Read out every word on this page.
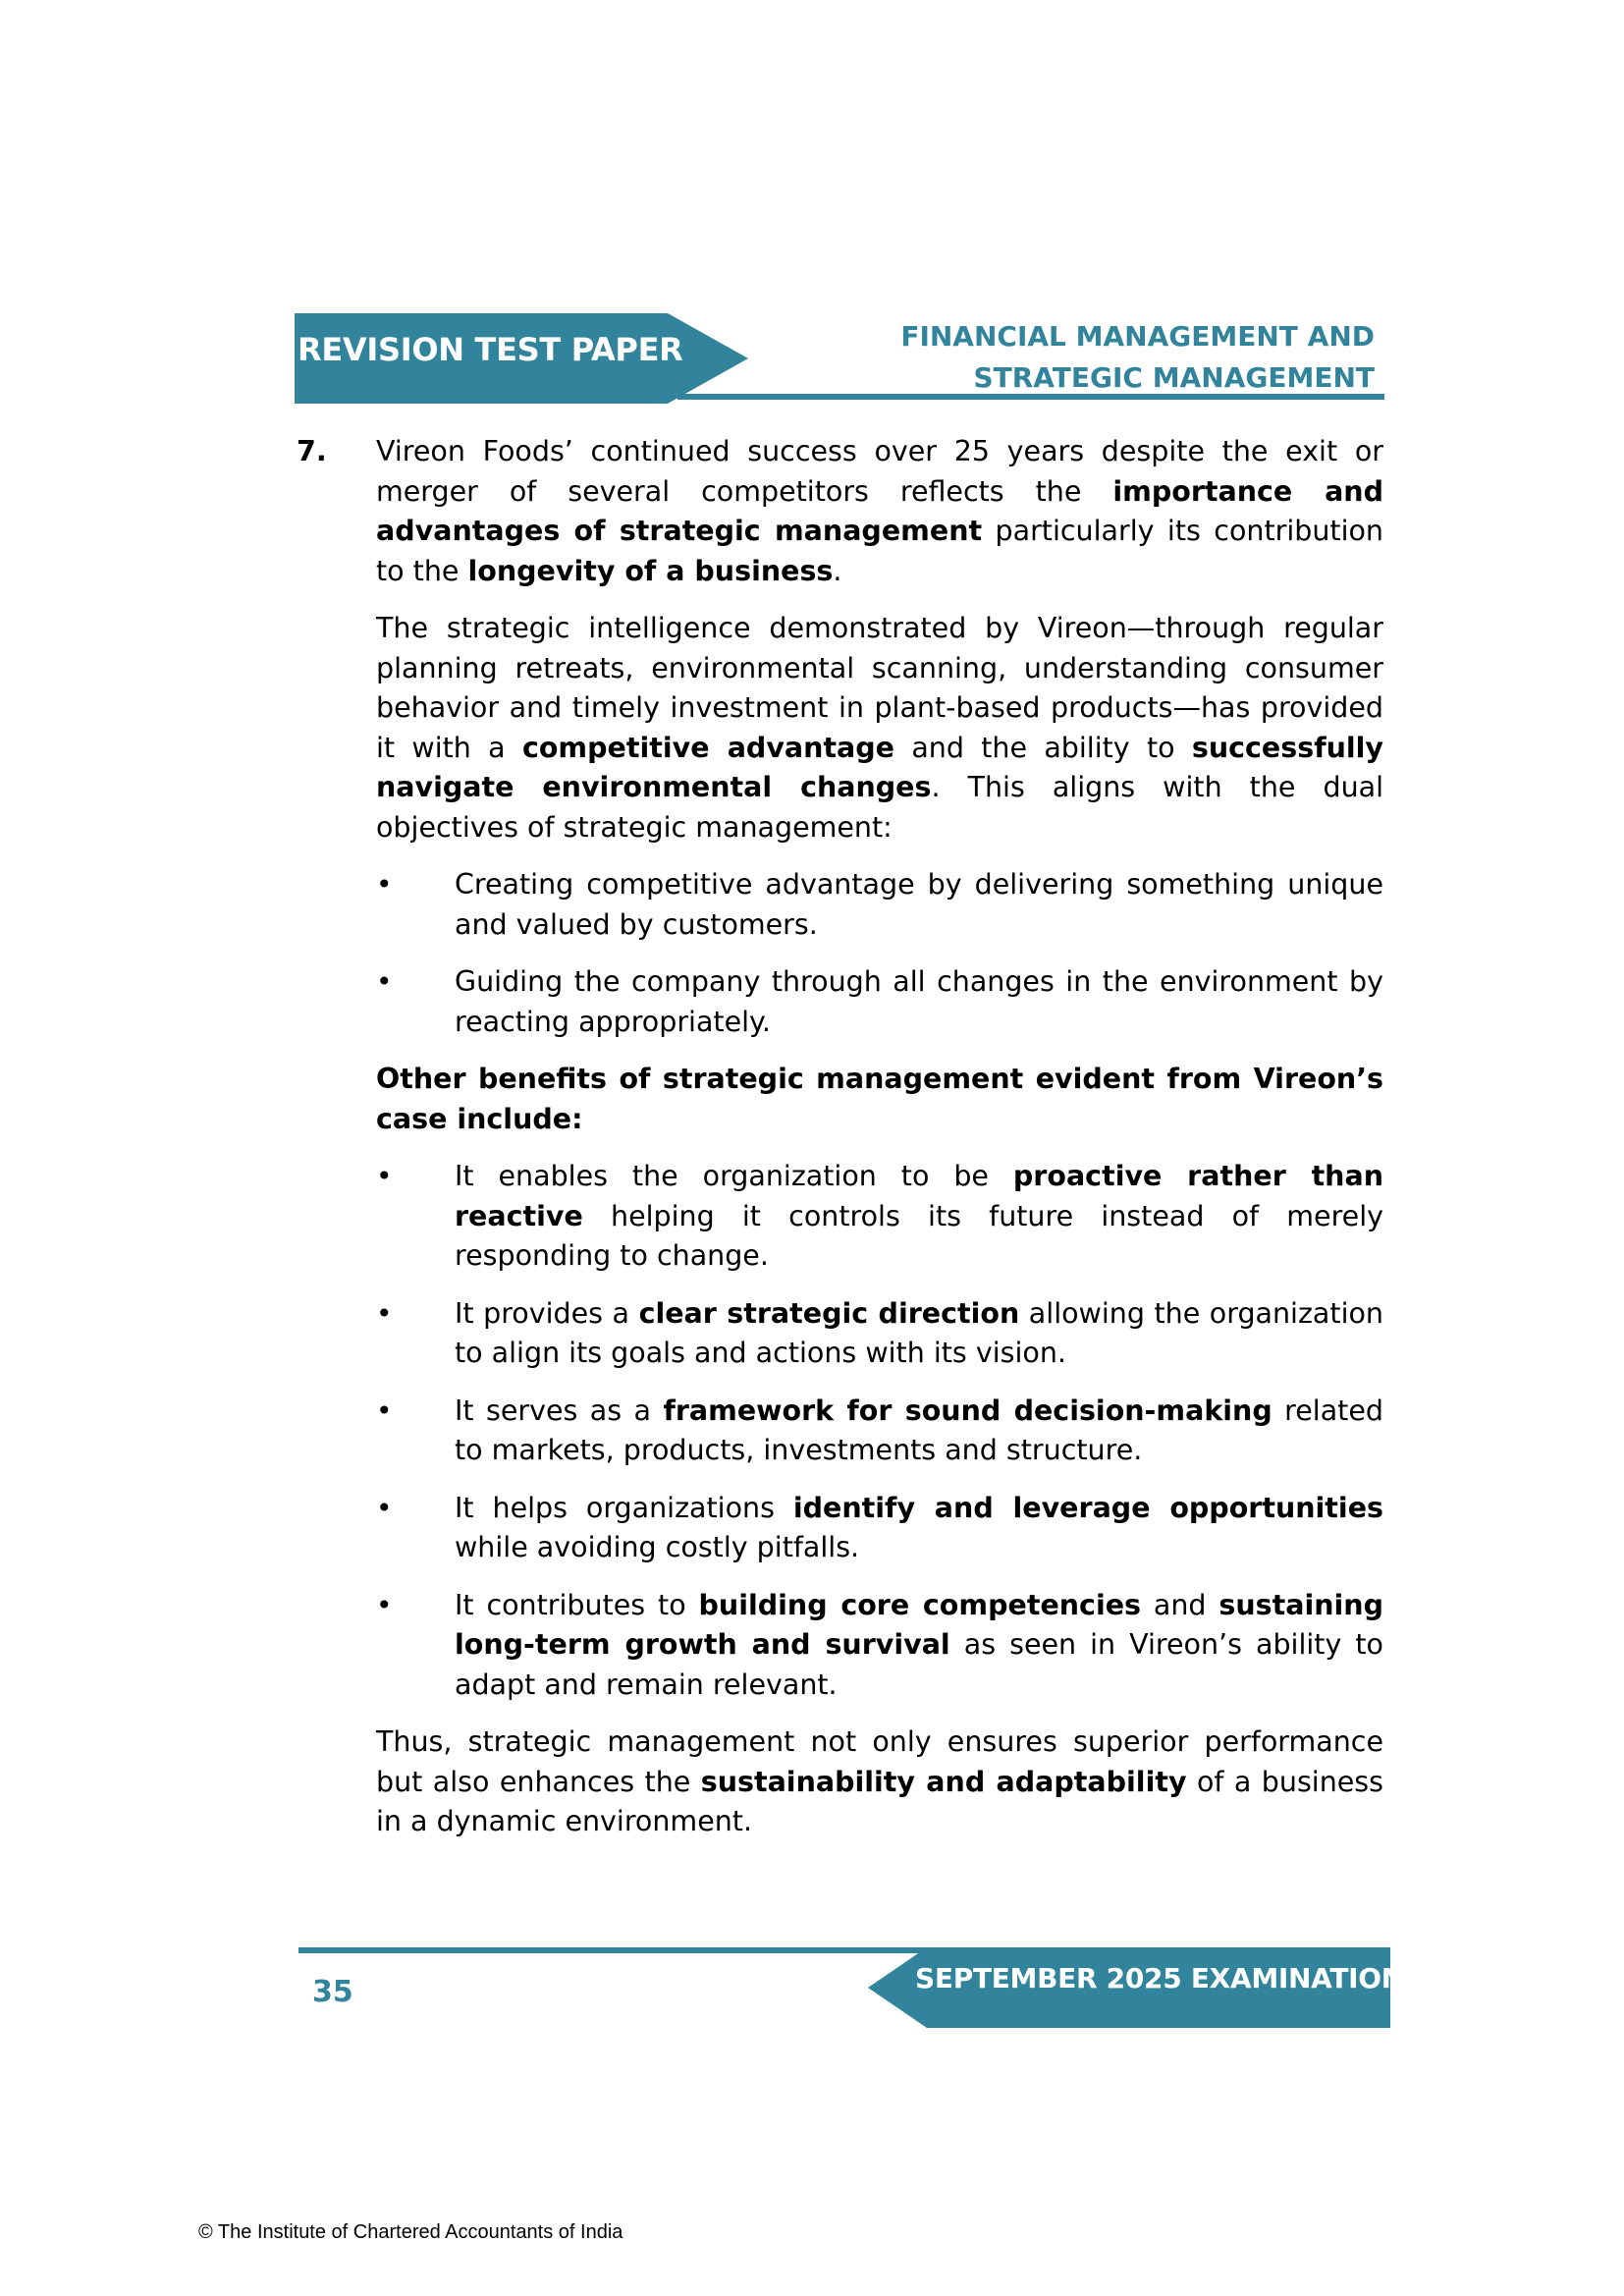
REVISION TEST PAPER	FINANCIAL MANAGEMENT AND
STRATEGIC MANAGEMENT
7. Vireon Foods’ continued success over 25 years despite the exit or merger of several competitors reflects the importance and advantages of strategic management particularly its contribution to the longevity of a business.

The strategic intelligence demonstrated by Vireon—through regular planning retreats, environmental scanning, understanding consumer behavior and timely investment in plant-based products—has provided it with a competitive advantage and the ability to successfully navigate environmental changes. This aligns with the dual objectives of strategic management:

• Creating competitive advantage by delivering something unique and valued by customers.
• Guiding the company through all changes in the environment by reacting appropriately.

Other benefits of strategic management evident from Vireon’s case include:

• It enables the organization to be proactive rather than reactive helping it controls its future instead of merely responding to change.
• It provides a clear strategic direction allowing the organization to align its goals and actions with its vision.
• It serves as a framework for sound decision-making related to markets, products, investments and structure.
• It helps organizations identify and leverage opportunities while avoiding costly pitfalls.
• It contributes to building core competencies and sustaining long-term growth and survival as seen in Vireon’s ability to adapt and remain relevant.

Thus, strategic management not only ensures superior performance but also enhances the sustainability and adaptability of a business in a dynamic environment.

SEPTEMBER 2025 EXAMINATION
35
© The Institute of Chartered Accountants of India
